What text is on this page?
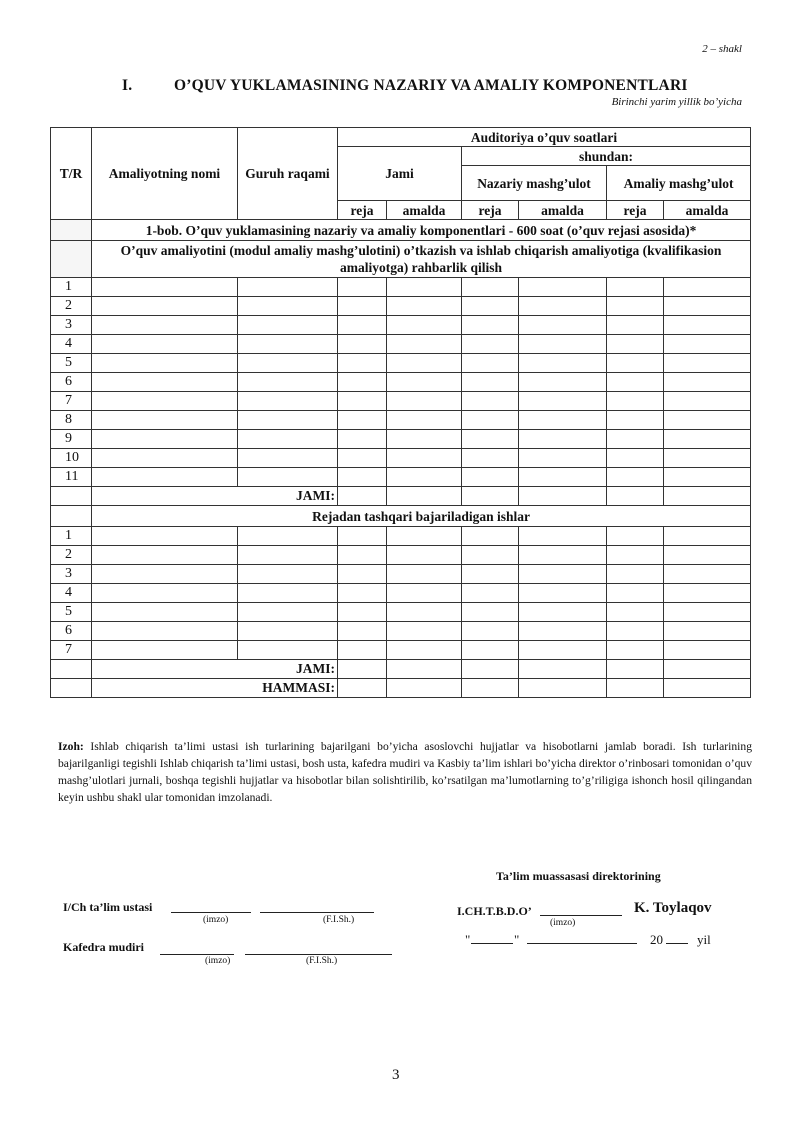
2 – shakl
I.	O’QUV YUKLAMASINING NAZARIY VA AMALIY KOMPONENTLARI
Birinchi yarim yillik bo’yicha
T/R	Amaliyotning nomi	Guruh raqami	Auditoriya o’quv soatlari					
			Jami		shundan:			
					Nazariy mashg’ulot		Amaliy mashg’ulot	
			reja	amalda	reja	amalda	reja	amalda
	1-bob. O’quv yuklamasining nazariy va amaliy komponentlari - 600 soat (o’quv rejasi asosida)*							
	O’quv amaliyotini (modul amaliy mashg’ulotini) o’tkazish va ishlab chiqarish amaliyotiga (kvalifikasion amaliyotga) rahbarlik qilish							
1								
2								
3								
4								
5								
6								
7								
8								
9								
10								
11								
	JAMI:							
	Rejadan tashqari bajariladigan ishlar							
1								
2								
3								
4								
5								
6								
7								
	JAMI:							
	HAMMASI:							
Izoh: Ishlab chiqarish ta’limi ustasi ish turlarining bajarilgani bo’yicha asoslovchi hujjatlar va hisobotlarni jamlab boradi. Ish turlarining bajarilganligi tegishli Ishlab chiqarish ta’limi ustasi, bosh usta, kafedra mudiri va Kasbiy ta’lim ishlari bo’yicha direktor o’rinbosari tomonidan o’quv mashg’ulotlari jurnali, boshqa tegishli hujjatlar va hisobotlar bilan solishtirilib, ko’rsatilgan ma’lumotlarning to’g’riligiga ishonch hosil qilingandan keyin ushbu shakl ular tomonidan imzolanadi.
Ta’lim muassasasi direktorining
I/Ch ta’lim ustasi
(imzo)	(F.I.Sh.)
Kafedra mudiri
(imzo)	(F.I.Sh.)
I.CH.T.B.D.O’	K. Toylaqov
(imzo)
"	"	20	yil
3
